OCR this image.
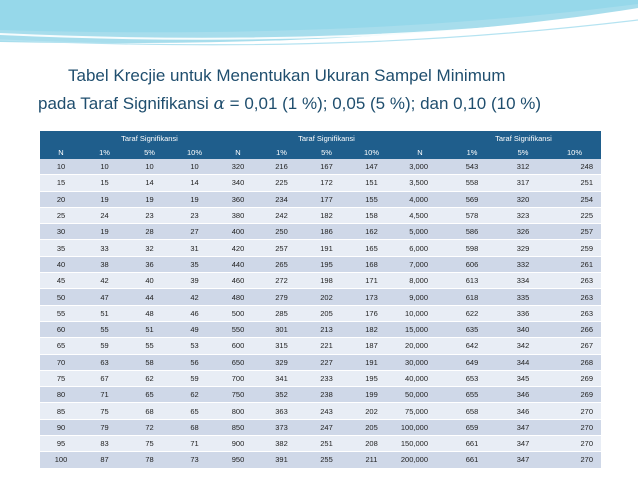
Tabel Krecjie untuk Menentukan Ukuran Sampel Minimum
pada Taraf Signifikansi α = 0,01 (1 %); 0,05 (5 %); dan 0,10 (10 %)
	Taraf Signifikansi				Taraf Signifikansi				Taraf Signifikansi		
N	1%	5%	10%	N	1%	5%	10%	N	1%	5%	10%
10	10	10	10	320	216	167	147	3,000	543	312	248
15	15	14	14	340	225	172	151	3,500	558	317	251
20	19	19	19	360	234	177	155	4,000	569	320	254
25	24	23	23	380	242	182	158	4,500	578	323	225
30	19	28	27	400	250	186	162	5,000	586	326	257
35	33	32	31	420	257	191	165	6,000	598	329	259
40	38	36	35	440	265	195	168	7,000	606	332	261
45	42	40	39	460	272	198	171	8,000	613	334	263
50	47	44	42	480	279	202	173	9,000	618	335	263
55	51	48	46	500	285	205	176	10,000	622	336	263
60	55	51	49	550	301	213	182	15,000	635	340	266
65	59	55	53	600	315	221	187	20,000	642	342	267
70	63	58	56	650	329	227	191	30,000	649	344	268
75	67	62	59	700	341	233	195	40,000	653	345	269
80	71	65	62	750	352	238	199	50,000	655	346	269
85	75	68	65	800	363	243	202	75,000	658	346	270
90	79	72	68	850	373	247	205	100,000	659	347	270
95	83	75	71	900	382	251	208	150,000	661	347	270
100	87	78	73	950	391	255	211	200,000	661	347	270
